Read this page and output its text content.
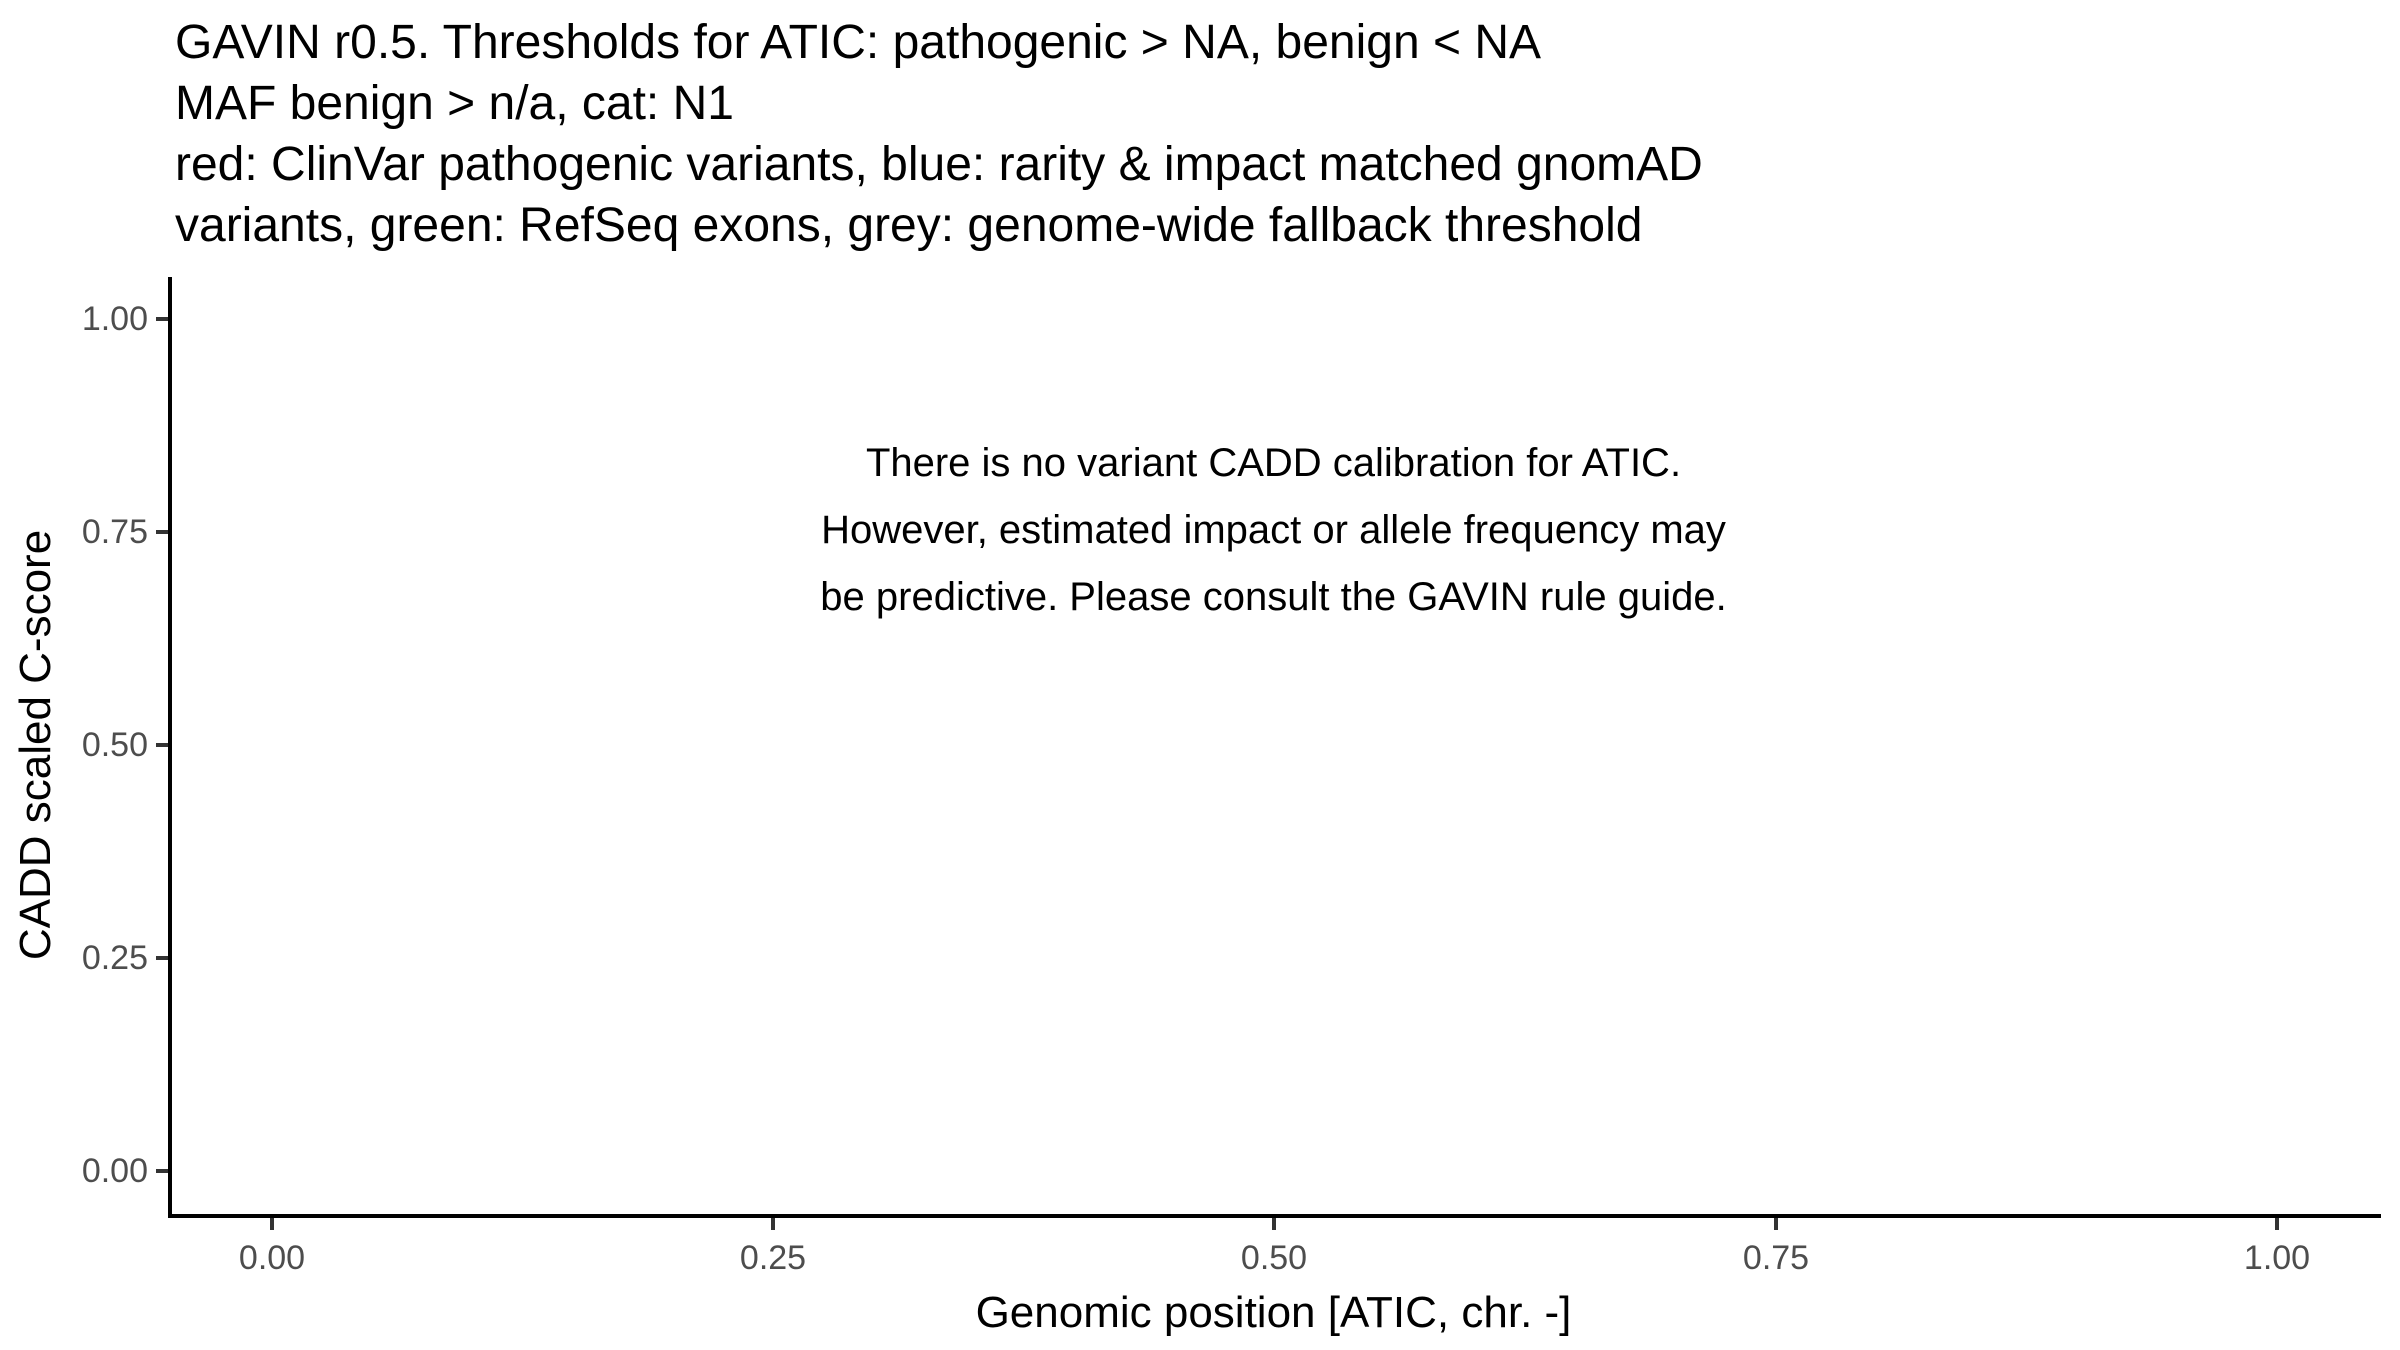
GAVIN r0.5. Thresholds for ATIC: pathogenic > NA, benign < NA
MAF benign > n/a, cat: N1
red: ClinVar pathogenic variants, blue: rarity & impact matched gnomAD
variants, green: RefSeq exons, grey: genome-wide fallback threshold
1.00
0.75
0.50
0.25
0.00
0.00	0.25	0.50	0.75	1.00
There is no variant CADD calibration for ATIC.
However, estimated impact or allele frequency may
be predictive. Please consult the GAVIN rule guide.
Genomic position [ATIC, chr. -]
CADD scaled C-score
